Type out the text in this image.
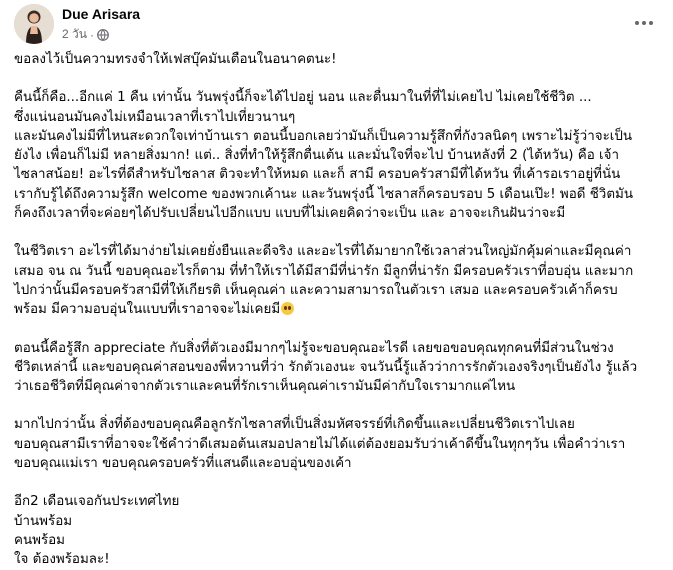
Due Arisara
2 วัน ·

ขอลงไว้เป็นความทรงจำให้เฟสบุ๊คมันเตือนในอนาคตนะ!

คืนนี้ก็คือ...อีกแค่ 1 คืน เท่านั้น วันพรุ่งนี้ก็จะได้ไปอยู่ นอน และตื่นมาในที่ที่ไม่เคยไป ไม่เคยใช้ชีวิต ...

ซึ่งแน่นอนมันคงไม่เหมือนเวลาที่เราไปเที่ยวนานๆ

และมันคงไม่มีที่ไหนสะดวกใจเท่าบ้านเรา ตอนนี้บอกเลยว่ามันก็เป็นความรู้สึกที่กังวลนิดๆ เพราะไม่รู้ว่าจะเป็น

ยังไง เพื่อนก็ไม่มี หลายสิ่งมาก! แต่.. สิ่งที่ทำให้รู้สึกตื่นเต้น และมั่นใจที่จะไป บ้านหลังที่ 2 (ไต้หวัน) คือ เจ้า

ไซลาสน้อย! อะไรที่ดีสำหรับไซลาส ติวจะทำให้หมด และก็ สามี ครอบครัวสามีที่ได้หวัน ที่เค้ารอเราอยู่ที่นั่น

เรากับรู้ได้ถึงความรู้สึก welcome ของพวกเค้านะ และวันพรุ่งนี้ ไซลาสก็ครอบรอบ 5 เดือนเป๊ะ! พอดี ชีวิตมัน

ก็คงถึงเวลาที่จะค่อยๆได้ปรับเปลี่ยนไปอีกแบบ แบบที่ไม่เคยคิดว่าจะเป็น และ อาจจะเกินฝันว่าจะมี

ในชีวิตเรา อะไรที่ได้มาง่ายไม่เคยยั่งยืนและดีจริง และอะไรที่ได้มายากใช้เวลาส่วนใหญ่มักคุ้มค่าและมีคุณค่า

เสมอ จน ณ วันนี้ ขอบคุณอะไรก็ตาม ที่ทำให้เราได้มีสามีที่น่ารัก มีลูกที่น่ารัก มีครอบครัวเราที่อบอุ่น และมาก

ไปกว่านั้นมีครอบครัวสามีที่ให้เกียรติ เห็นคุณค่า และความสามารถในตัวเรา เสมอ และครอบครัวเค้าก็ครบ

พร้อม มีความอบอุ่นในแบบที่เราอาจจะไม่เคยมี

ตอนนี้คือรู้สึก appreciate กับสิ่งที่ตัวเองมีมากๆไม่รู้จะขอบคุณอะไรดี เลยขอขอบคุณทุกคนที่มีส่วนในช่วง

ชีวิตเหล่านี้ และขอบคุณค่าสอนของพี่หวานที่ว่า รักตัวเองนะ จนวันนี้รู้แล้วว่าการรักตัวเองจริงๆเป็นยังไง รู้แล้ว

ว่าเธอชีวิตที่มีคุณค่าจากตัวเราและคนที่รักเราเห็นคุณค่าเรามันมีค่ากับใจเรามากแค่ไหน

มากไปกว่านั้น สิ่งที่ต้องขอบคุณคือลูกรักไซลาสที่เป็นสิ่งมหัศจรรย์ที่เกิดขึ้นและเปลี่ยนชีวิตเราไปเลย

ขอบคุณสามีเราที่อาจจะใช้คำว่าดีเสมอต้นเสมอปลายไม่ได้แต่ต้องยอมรับว่าเค้าดีขึ้นในทุกๆวัน เพื่อคำว่าเรา

ขอบคุณแม่เรา ขอบคุณครอบครัวที่แสนดีและอบอุ่นของเค้า

อีก2 เดือนเจอกันประเทศไทย

บ้านพร้อม

คนพร้อม

ใจ ต้องพร้อมละ!
